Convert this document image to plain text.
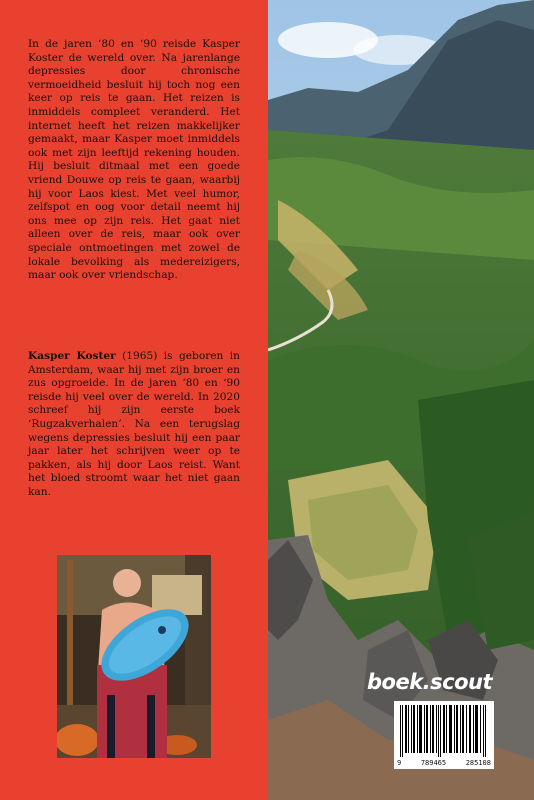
In de jaren ‘80 en ‘90 reisde Kasper Koster de wereld over. Na jarenlange depressies door chronische vermoeidheid besluit hij toch nog een keer op reis te gaan. Het reizen is inmiddels compleet veranderd. Het internet heeft het reizen makkelijker gemaakt, maar Kasper moet inmiddels ook met zijn leeftijd rekening houden. Hij besluit ditmaal met een goede vriend Douwe op reis te gaan, waarbij hij voor Laos kiest. Met veel humor, zelfspot en oog voor detail neemt hij ons mee op zijn reis. Het gaat niet alleen over de reis, maar ook over speciale ontmoetingen met zowel de lokale bevolking als medereizigers, maar ook over vriendschap.

Kasper Koster (1965) is geboren in Amsterdam, waar hij met zijn broer en zus opgroeide. In de jaren ‘80 en ‘90 reisde hij veel over de wereld. In 2020 schreef hij zijn eerste boek ‘Rugzakverhalen’. Na een terugslag wegens depressies besluit hij een paar jaar later het schrijven weer op te pakken, als hij door Laos reist. Want het bloed stroomt waar het niet gaan kan.

boek.scout
9	789465	285108
